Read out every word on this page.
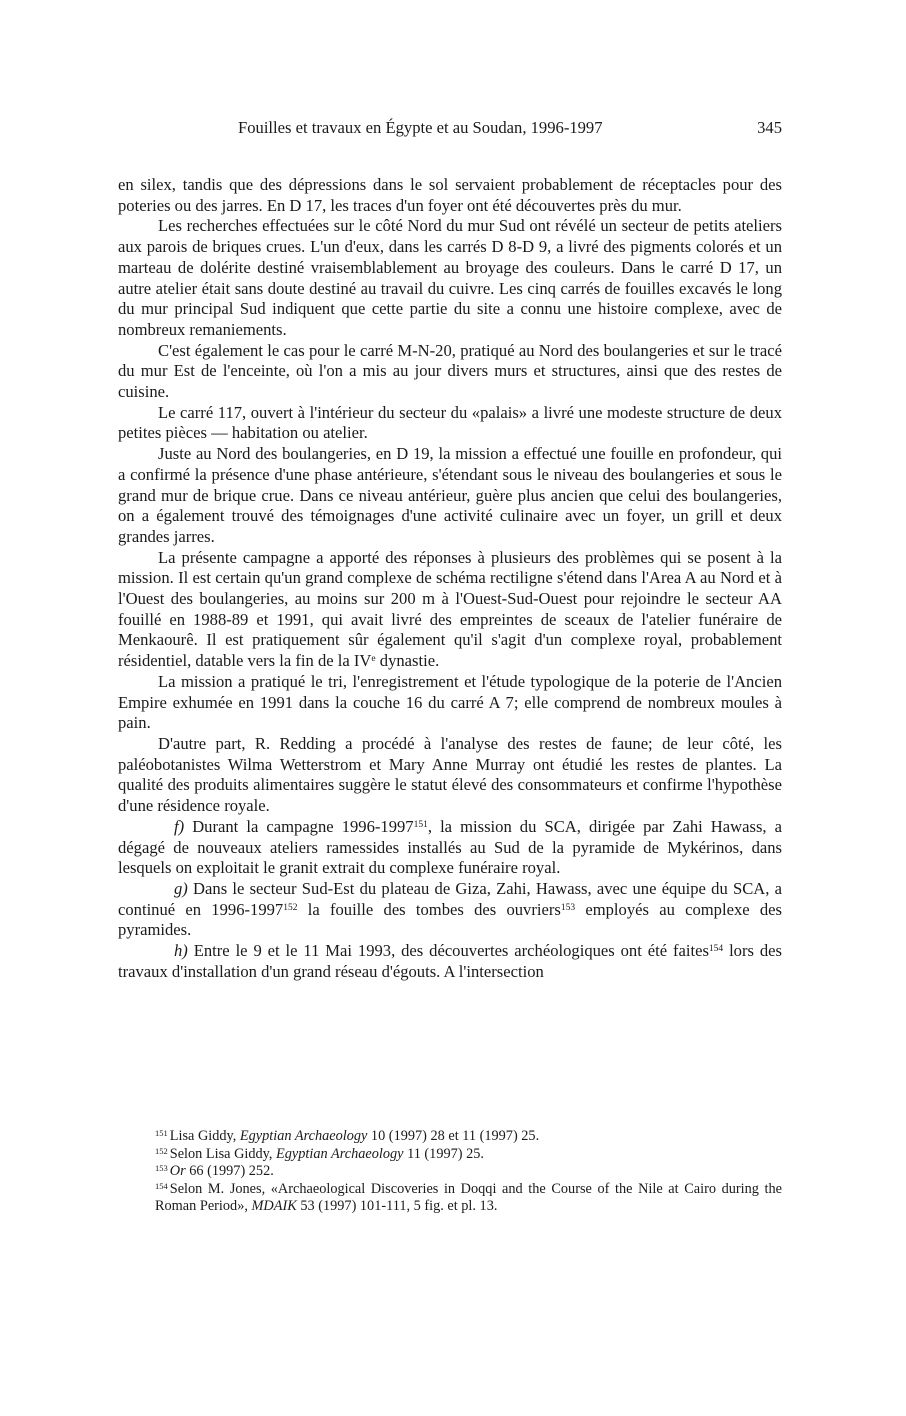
Fouilles et travaux en Égypte et au Soudan, 1996-1997	345

en silex, tandis que des dépressions dans le sol servaient probablement de réceptacles pour des poteries ou des jarres. En D 17, les traces d'un foyer ont été découvertes près du mur.

Les recherches effectuées sur le côté Nord du mur Sud ont révélé un secteur de petits ateliers aux parois de briques crues. L'un d'eux, dans les carrés D 8-D 9, a livré des pigments colorés et un marteau de dolérite destiné vraisemblablement au broyage des couleurs. Dans le carré D 17, un autre atelier était sans doute destiné au travail du cuivre. Les cinq carrés de fouilles excavés le long du mur principal Sud indiquent que cette partie du site a connu une histoire complexe, avec de nombreux remaniements.

C'est également le cas pour le carré M-N-20, pratiqué au Nord des boulangeries et sur le tracé du mur Est de l'enceinte, où l'on a mis au jour divers murs et structures, ainsi que des restes de cuisine.

Le carré 117, ouvert à l'intérieur du secteur du «palais» a livré une modeste structure de deux petites pièces — habitation ou atelier.

Juste au Nord des boulangeries, en D 19, la mission a effectué une fouille en profondeur, qui a confirmé la présence d'une phase antérieure, s'étendant sous le niveau des boulangeries et sous le grand mur de brique crue. Dans ce niveau antérieur, guère plus ancien que celui des boulangeries, on a également trouvé des témoignages d'une activité culinaire avec un foyer, un grill et deux grandes jarres.

La présente campagne a apporté des réponses à plusieurs des problèmes qui se posent à la mission. Il est certain qu'un grand complexe de schéma rectiligne s'étend dans l'Area A au Nord et à l'Ouest des boulangeries, au moins sur 200 m à l'Ouest-Sud-Ouest pour rejoindre le secteur AA fouillé en 1988-89 et 1991, qui avait livré des empreintes de sceaux de l'atelier funéraire de Menkaourê. Il est pratiquement sûr également qu'il s'agit d'un complexe royal, probablement résidentiel, datable vers la fin de la IVe dynastie.

La mission a pratiqué le tri, l'enregistrement et l'étude typologique de la poterie de l'Ancien Empire exhumée en 1991 dans la couche 16 du carré A 7; elle comprend de nombreux moules à pain.

D'autre part, R. Redding a procédé à l'analyse des restes de faune; de leur côté, les paléobotanistes Wilma Wetterstrom et Mary Anne Murray ont étudié les restes de plantes. La qualité des produits alimentaires suggère le statut élevé des consommateurs et confirme l'hypothèse d'une résidence royale.

f) Durant la campagne 1996-1997$^{151}$, la mission du SCA, dirigée par Zahi Hawass, a dégagé de nouveaux ateliers ramessides installés au Sud de la pyramide de Mykérinos, dans lesquels on exploitait le granit extrait du complexe funéraire royal.

g) Dans le secteur Sud-Est du plateau de Giza, Zahi, Hawass, avec une équipe du SCA, a continué en 1996-1997$^{152}$ la fouille des tombes des ouvriers$^{153}$ employés au complexe des pyramides.

h) Entre le 9 et le 11 Mai 1993, des découvertes archéologiques ont été faites$^{154}$ lors des travaux d'installation d'un grand réseau d'égouts. A l'intersection

$^{151}$ Lisa Giddy, Egyptian Archaeology 10 (1997) 28 et 11 (1997) 25.

$^{152}$ Selon Lisa Giddy, Egyptian Archaeology 11 (1997) 25.

$^{153}$ Or 66 (1997) 252.

$^{154}$ Selon M. Jones, «Archaeological Discoveries in Doqqi and the Course of the Nile at Cairo during the Roman Period», MDAIK 53 (1997) 101-111, 5 fig. et pl. 13.
